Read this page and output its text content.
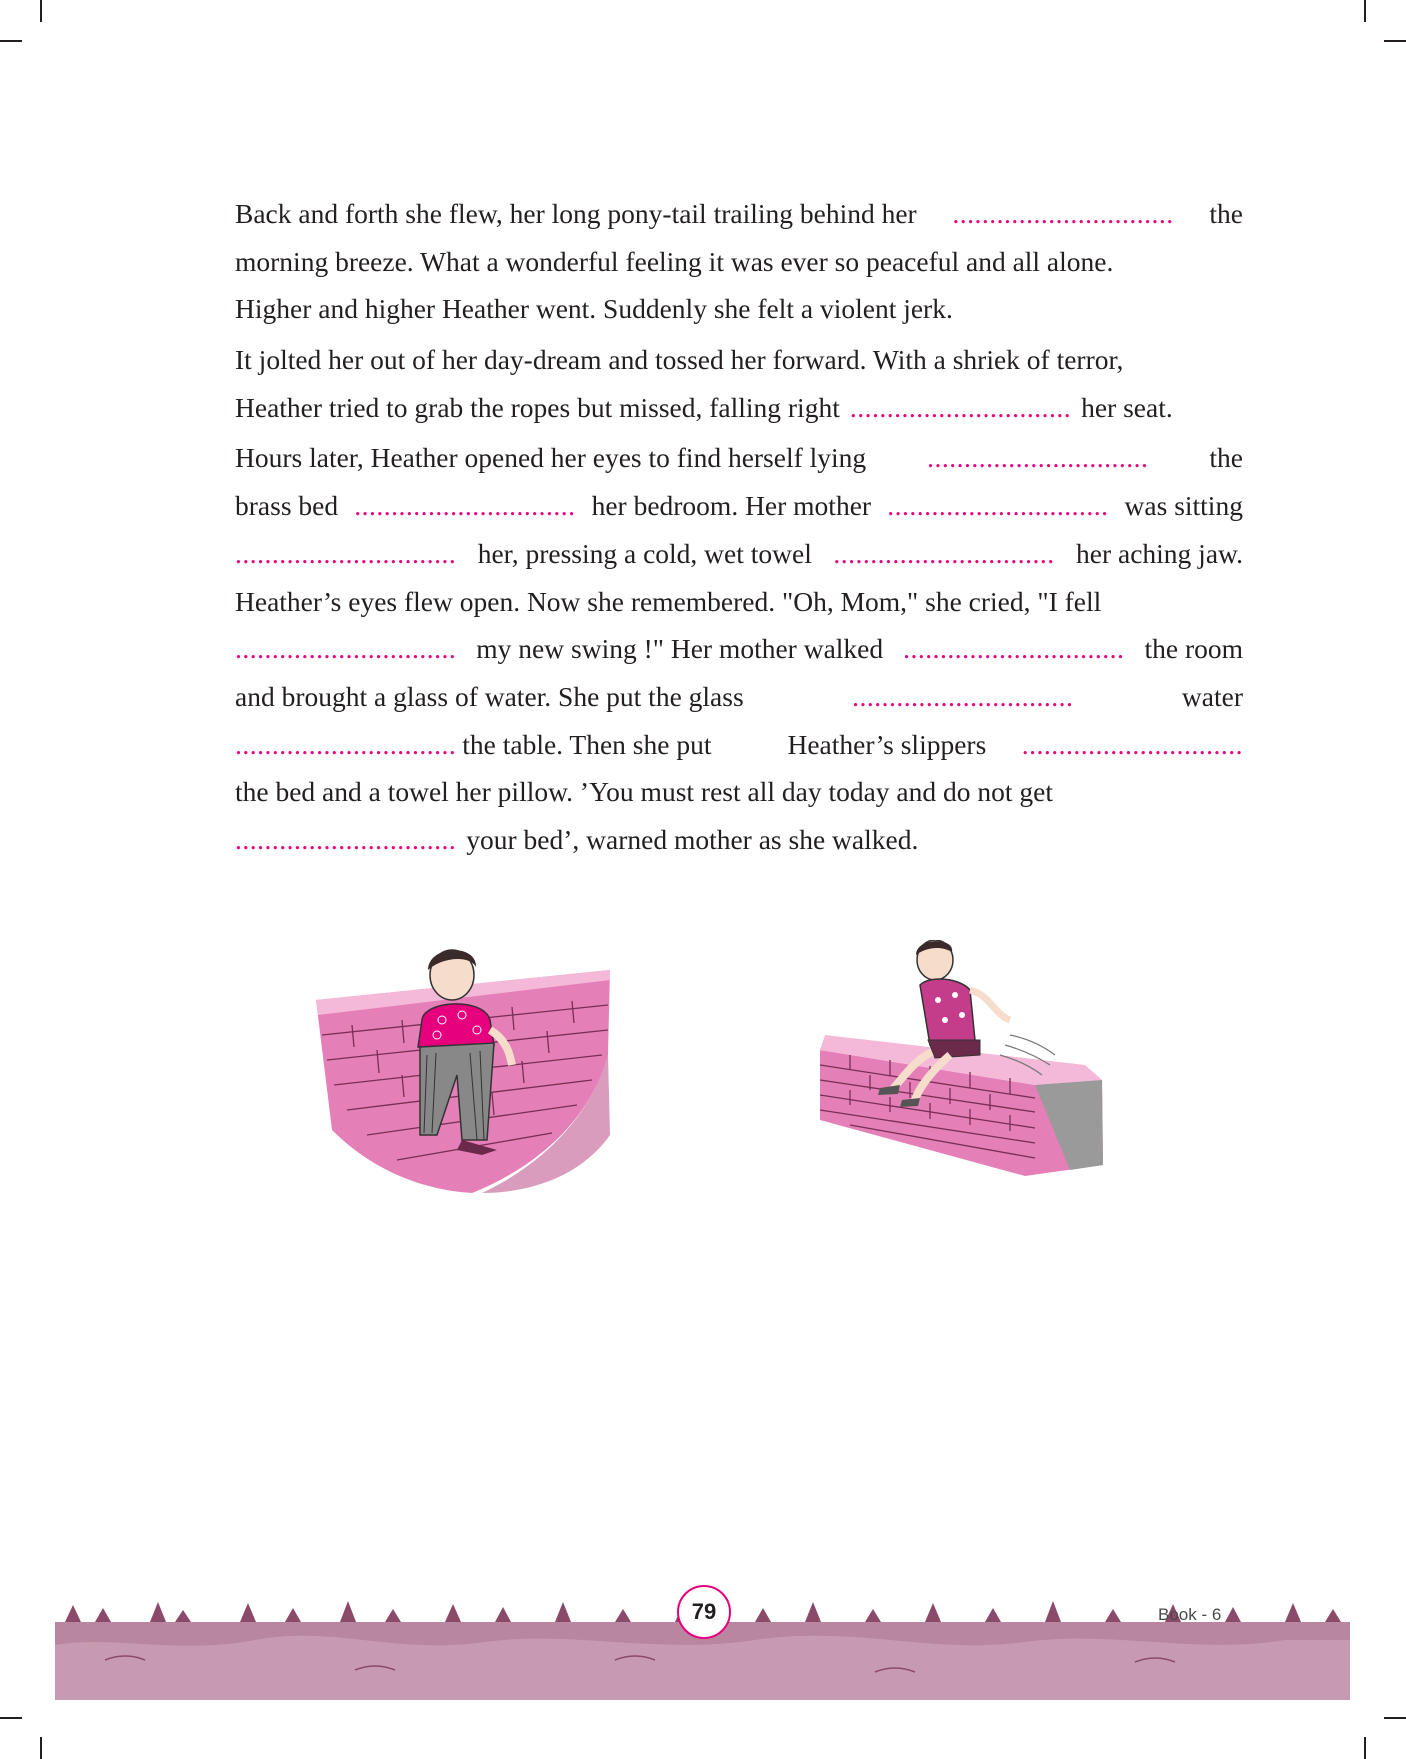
Back and forth she flew, her long pony-tail trailing behind her .............................. the
morning breeze. What a wonderful feeling it was ever so peaceful and all alone.
Higher and higher Heather went. Suddenly she felt a violent jerk.
It jolted her out of her day-dream and tossed her forward. With a shriek of terror,
Heather tried to grab the ropes but missed, falling right .............................. her seat.
Hours later, Heather opened her eyes to find herself lying .............................. the
brass bed .............................. her bedroom. Her mother .............................. was sitting
.............................. her, pressing a cold, wet towel .............................. her aching jaw.
Heather’s eyes flew open. Now she remembered. "Oh, Mom," she cried, "I fell
.............................. my new swing !" Her mother walked .............................. the room
and brought a glass of water. She put the glass	..............................	water
.............................. the table. Then she put	Heather’s slippers ..............................
the bed and a towel her pillow. ’You must rest all day today and do not get
.............................. your bed’, warned mother as she walked.
79	Book - 6
